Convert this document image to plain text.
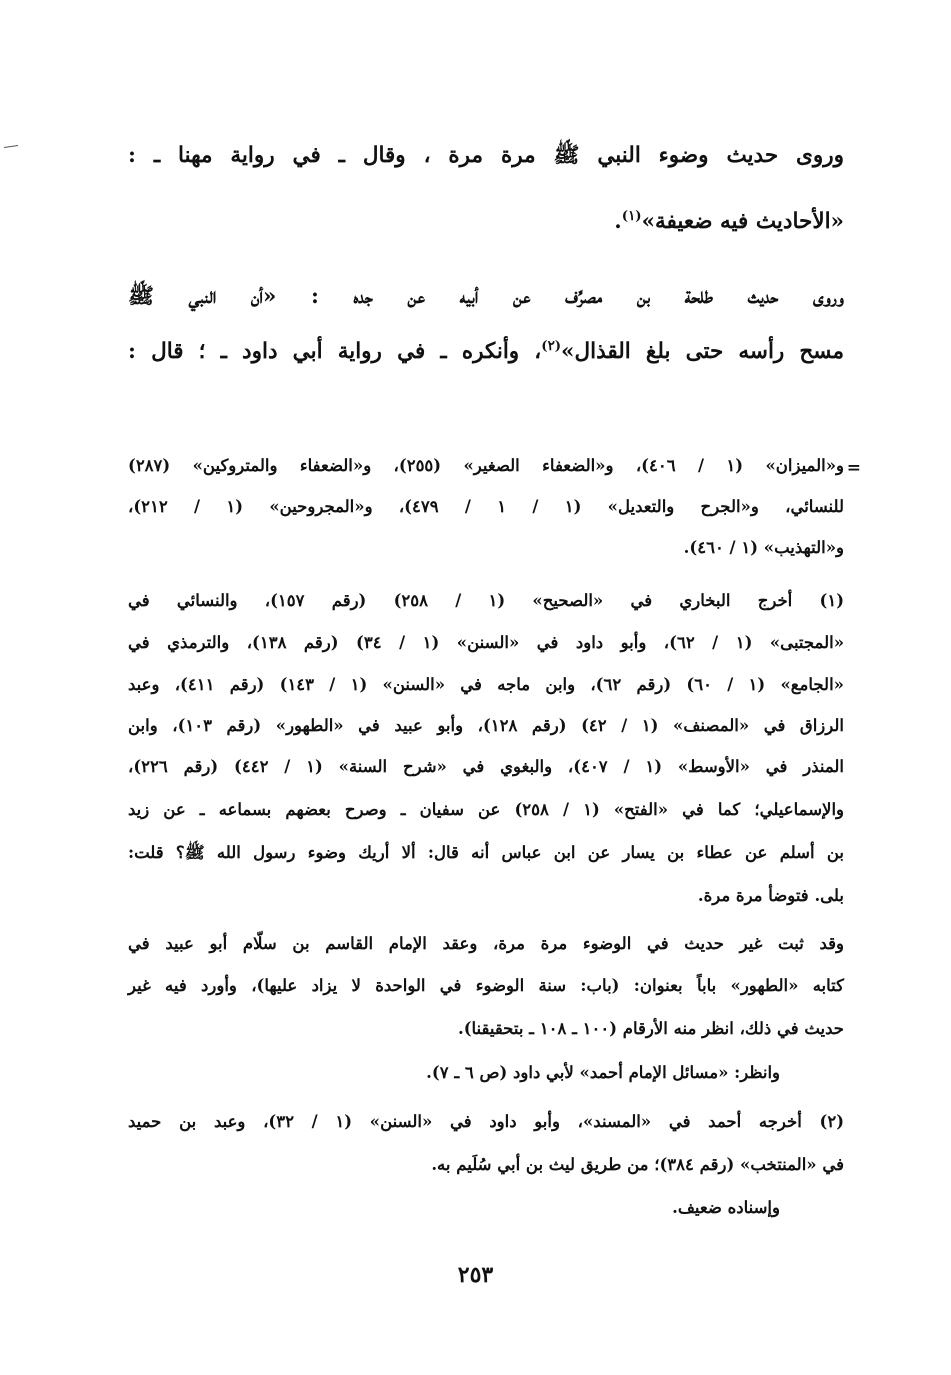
وروى حديث وضوء النبي ﷺ مرة مرة ، وقال ـ في رواية مهنا ـ :
«الأحاديث فيه ضعيفة»$^{(١)}$.
وروى حديث طلحة بن مصرِّف عن أبيه عن جده : «أن النبي ﷺ
مسح رأسه حتى بلغ القذال»$^{(٢)}$، وأنكره ـ في رواية أبي داود ـ ؛ قال :
=
و«الميزان» (١ / ٤٠٦)، و«الضعفاء الصغير» (٢٥٥)، و«الضعفاء والمتروكين» (٢٨٧)
للنسائي، و«الجرح والتعديل» (١ / ١ / ٤٧٩)، و«المجروحين» (١ / ٢١٢)،
و«التهذيب» (١ / ٤٦٠).
(١) أخرج البخاري في «الصحيح» (١ / ٢٥٨) (رقم ١٥٧)، والنسائي في
«المجتبى» (١ / ٦٢)، وأبو داود في «السنن» (١ / ٣٤) (رقم ١٣٨)، والترمذي في
«الجامع» (١ / ٦٠) (رقم ٦٢)، وابن ماجه في «السنن» (١ / ١٤٣) (رقم ٤١١)، وعبد
الرزاق في «المصنف» (١ / ٤٢) (رقم ١٢٨)، وأبو عبيد في «الطهور» (رقم ١٠٣)، وابن
المنذر في «الأوسط» (١ / ٤٠٧)، والبغوي في «شرح السنة» (١ / ٤٤٢) (رقم ٢٢٦)،
والإسماعيلي؛ كما في «الفتح» (١ / ٢٥٨) عن سفيان ـ وصرح بعضهم بسماعه ـ عن زيد
بن أسلم عن عطاء بن يسار عن ابن عباس أنه قال: ألا أريك وضوء رسول الله ﷺ؟ قلت:
بلى. فتوضأ مرة مرة.
وقد ثبت غير حديث في الوضوء مرة مرة، وعقد الإمام القاسم بن سلّام أبو عبيد في
كتابه «الطهور» باباً بعنوان: (باب: سنة الوضوء في الواحدة لا يزاد عليها)، وأورد فيه غير
حديث في ذلك، انظر منه الأرقام (١٠٠ ـ ١٠٨ ـ بتحقيقنا).
وانظر: «مسائل الإمام أحمد» لأبي داود (ص ٦ ـ ٧).
(٢) أخرجه أحمد في «المسند»، وأبو داود في «السنن» (١ / ٣٢)، وعبد بن حميد
في «المنتخب» (رقم ٣٨٤)؛ من طريق ليث بن أبي سُلَيم به.
وإسناده ضعيف.
٢٥٣
